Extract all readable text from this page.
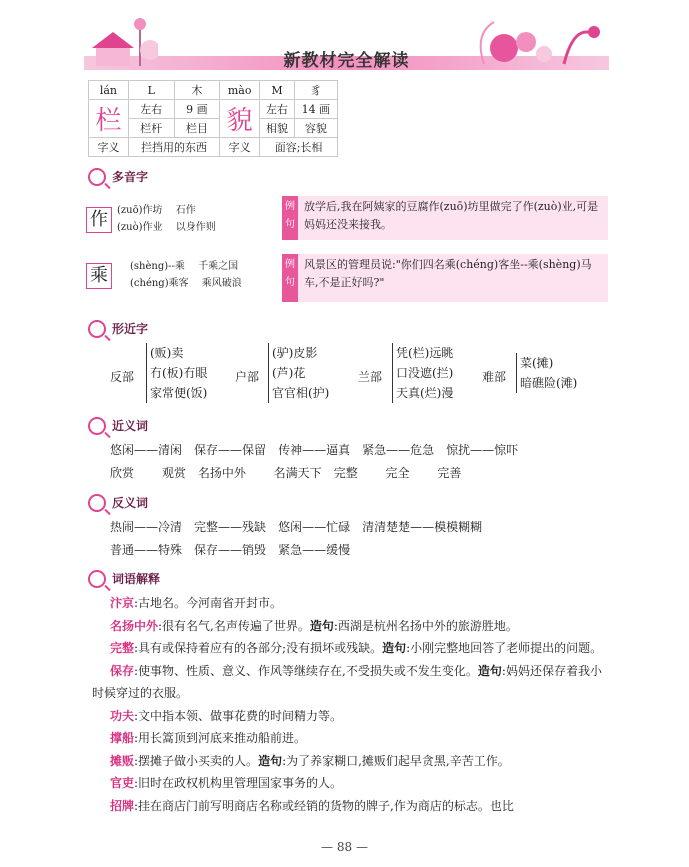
新教材完全解读
lán	L	木	mào	M	豸
栏	左右	9 画	貌	左右	14 画
	栏杆	栏目		相貌	容貌
字义	拦挡用的东西		字义	面容;长相	
多音字
作 (zuō)作坊 　石作
(zuò)作业 　以身作则
例句
放学后,我在阿姨家的豆腐作(zuō)坊里做完了作(zuò)业,可是妈妈还没来接我。
乘	(shèng)--乘 　千乘之国
(chéng)乘客 　乘风破浪
例句
风景区的管理员说:"你们四名乘(chéng)客坐--乘(shèng)马车,不是正好吗?"
形近字
反部
(贩)卖
冇(板)冇眼
家常便(饭)
户部
(驴)皮影
(芦)花
官官相(护)
兰部
凭(栏)远眺
口没遮(拦)
天真(烂)漫
难部
菜(摊)
暗礁险(滩)
近义词
悠闲——清闲　 保存——保留　 传神——逼真　 紧急——危急　 惊扰——惊吓
欣赏 　　观赏　 名扬中外 　　名满天下　 完整 　　完全 　　完善
反义词
热闹——冷清　 完整——残缺　 悠闲——忙碌　 清清楚楚——模模糊糊
普通——特殊　 保存——销毁　 紧急——缓慢
词语解释
汴京:古地名。今河南省开封市。
名扬中外:很有名气,名声传遍了世界。造句:西湖是杭州名扬中外的旅游胜地。
完整:具有或保持着应有的各部分;没有损坏或残缺。造句:小刚完整地回答了老师提出的问题。
保存:使事物、性质、意义、作风等继续存在,不受损失或不发生变化。造句:妈妈还保存着我小时候穿过的衣服。
功夫:文中指本领、做事花费的时间精力等。
撑船:用长篙顶到河底来推动船前进。
摊贩:摆摊子做小买卖的人。造句:为了养家糊口,摊贩们起早贪黑,辛苦工作。
官吏:旧时在政权机构里管理国家事务的人。
招牌:挂在商店门前写明商店名称或经销的货物的牌子,作为商店的标志。也比
— 88 —
